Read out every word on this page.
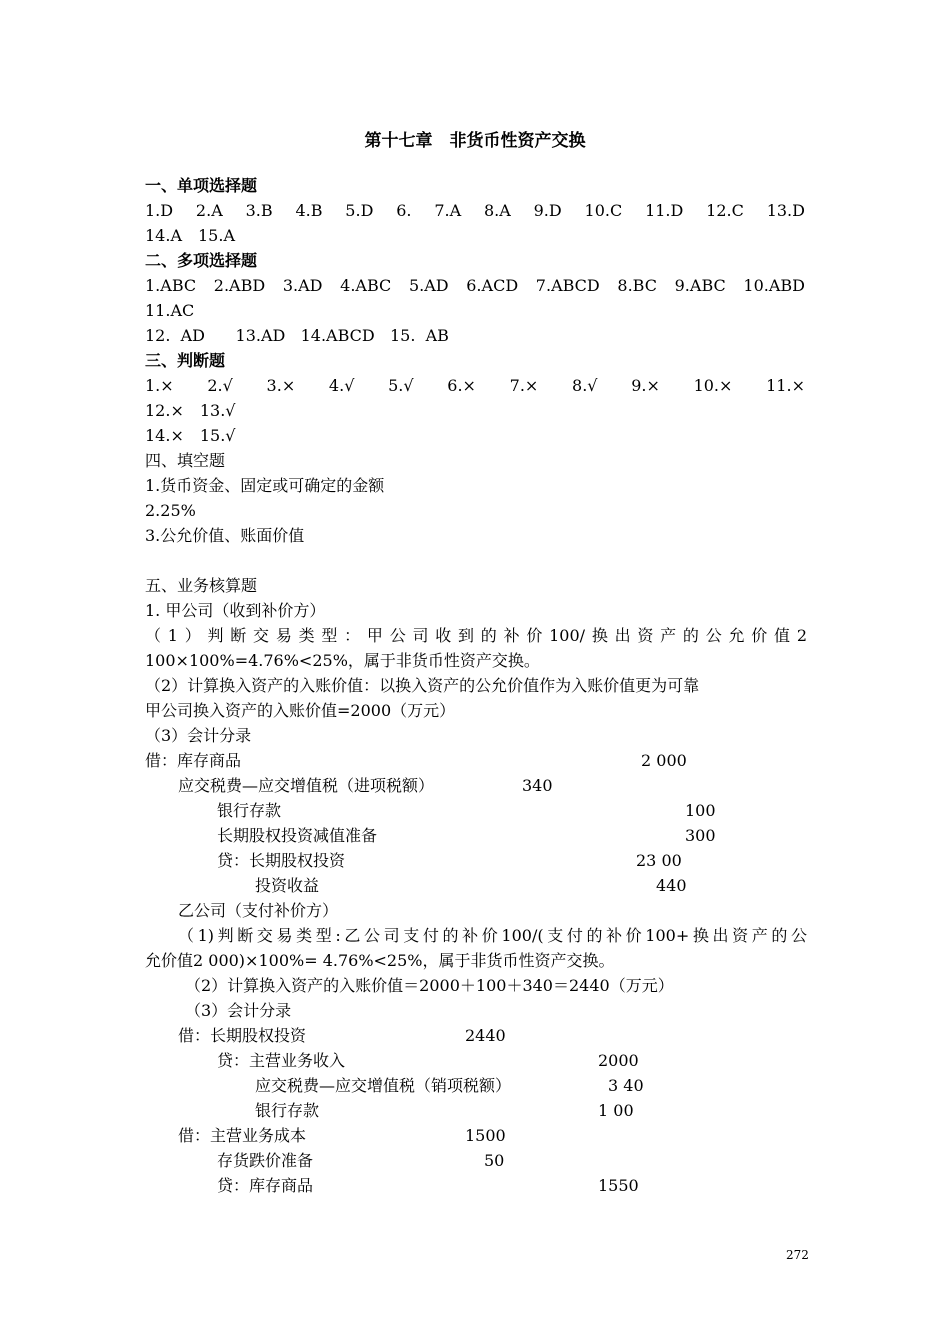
第十七章　非货币性资产交换
一、单项选择题
1.D 2.A 3.B 4.B 5.D 6. 7.A 8.A 9.D 10.C 11.D 12.C 13.D
14.A　15.A
二、多项选择题
1.ABC 2.ABD 3.AD 4.ABC 5.AD 6.ACD 7.ABCD 8.BC 9.ABC 10.ABD
11.AC
12.  AD      13.AD   14.ABCD   15.  AB
三、判断题
1.× 2.√ 3.× 4.√ 5.√ 6.× 7.× 8.√ 9.× 10.× 11.×
12.×　13.√
14.×　15.√
四、填空题
1.货币资金、固定或可确定的金额
2.25%
3.公允价值、账面价值
五、业务核算题
1. 甲公司（收到补价方）
（1）判断交易类型：甲公司收到的补价100/换出资产的公允价值2
100×100%=4.76%<25%，属于非货币性资产交换。
（2）计算换入资产的入账价值：以换入资产的公允价值作为入账价值更为可靠
甲公司换入资产的入账价值=2000（万元）
（3）会计分录
借：库存商品	2 000
应交税费—应交增值税（进项税额）	340
银行存款	100
长期股权投资减值准备	300
贷：长期股权投资	23 00
投资收益	440
乙公司（支付补价方）
（1)判断交易类型:乙公司支付的补价100/(支付的补价100+换出资产的公
允价值2 000)×100%= 4.76%<25%，属于非货币性资产交换。
（2）计算换入资产的入账价值＝2000＋100＋340＝2440（万元）
（3）会计分录
借：长期股权投资	2440
贷：主营业务收入	2000
应交税费—应交增值税（销项税额）	3 40
银行存款	1 00
借：主营业务成本	1500
存货跌价准备	50
贷：库存商品	1550
272
